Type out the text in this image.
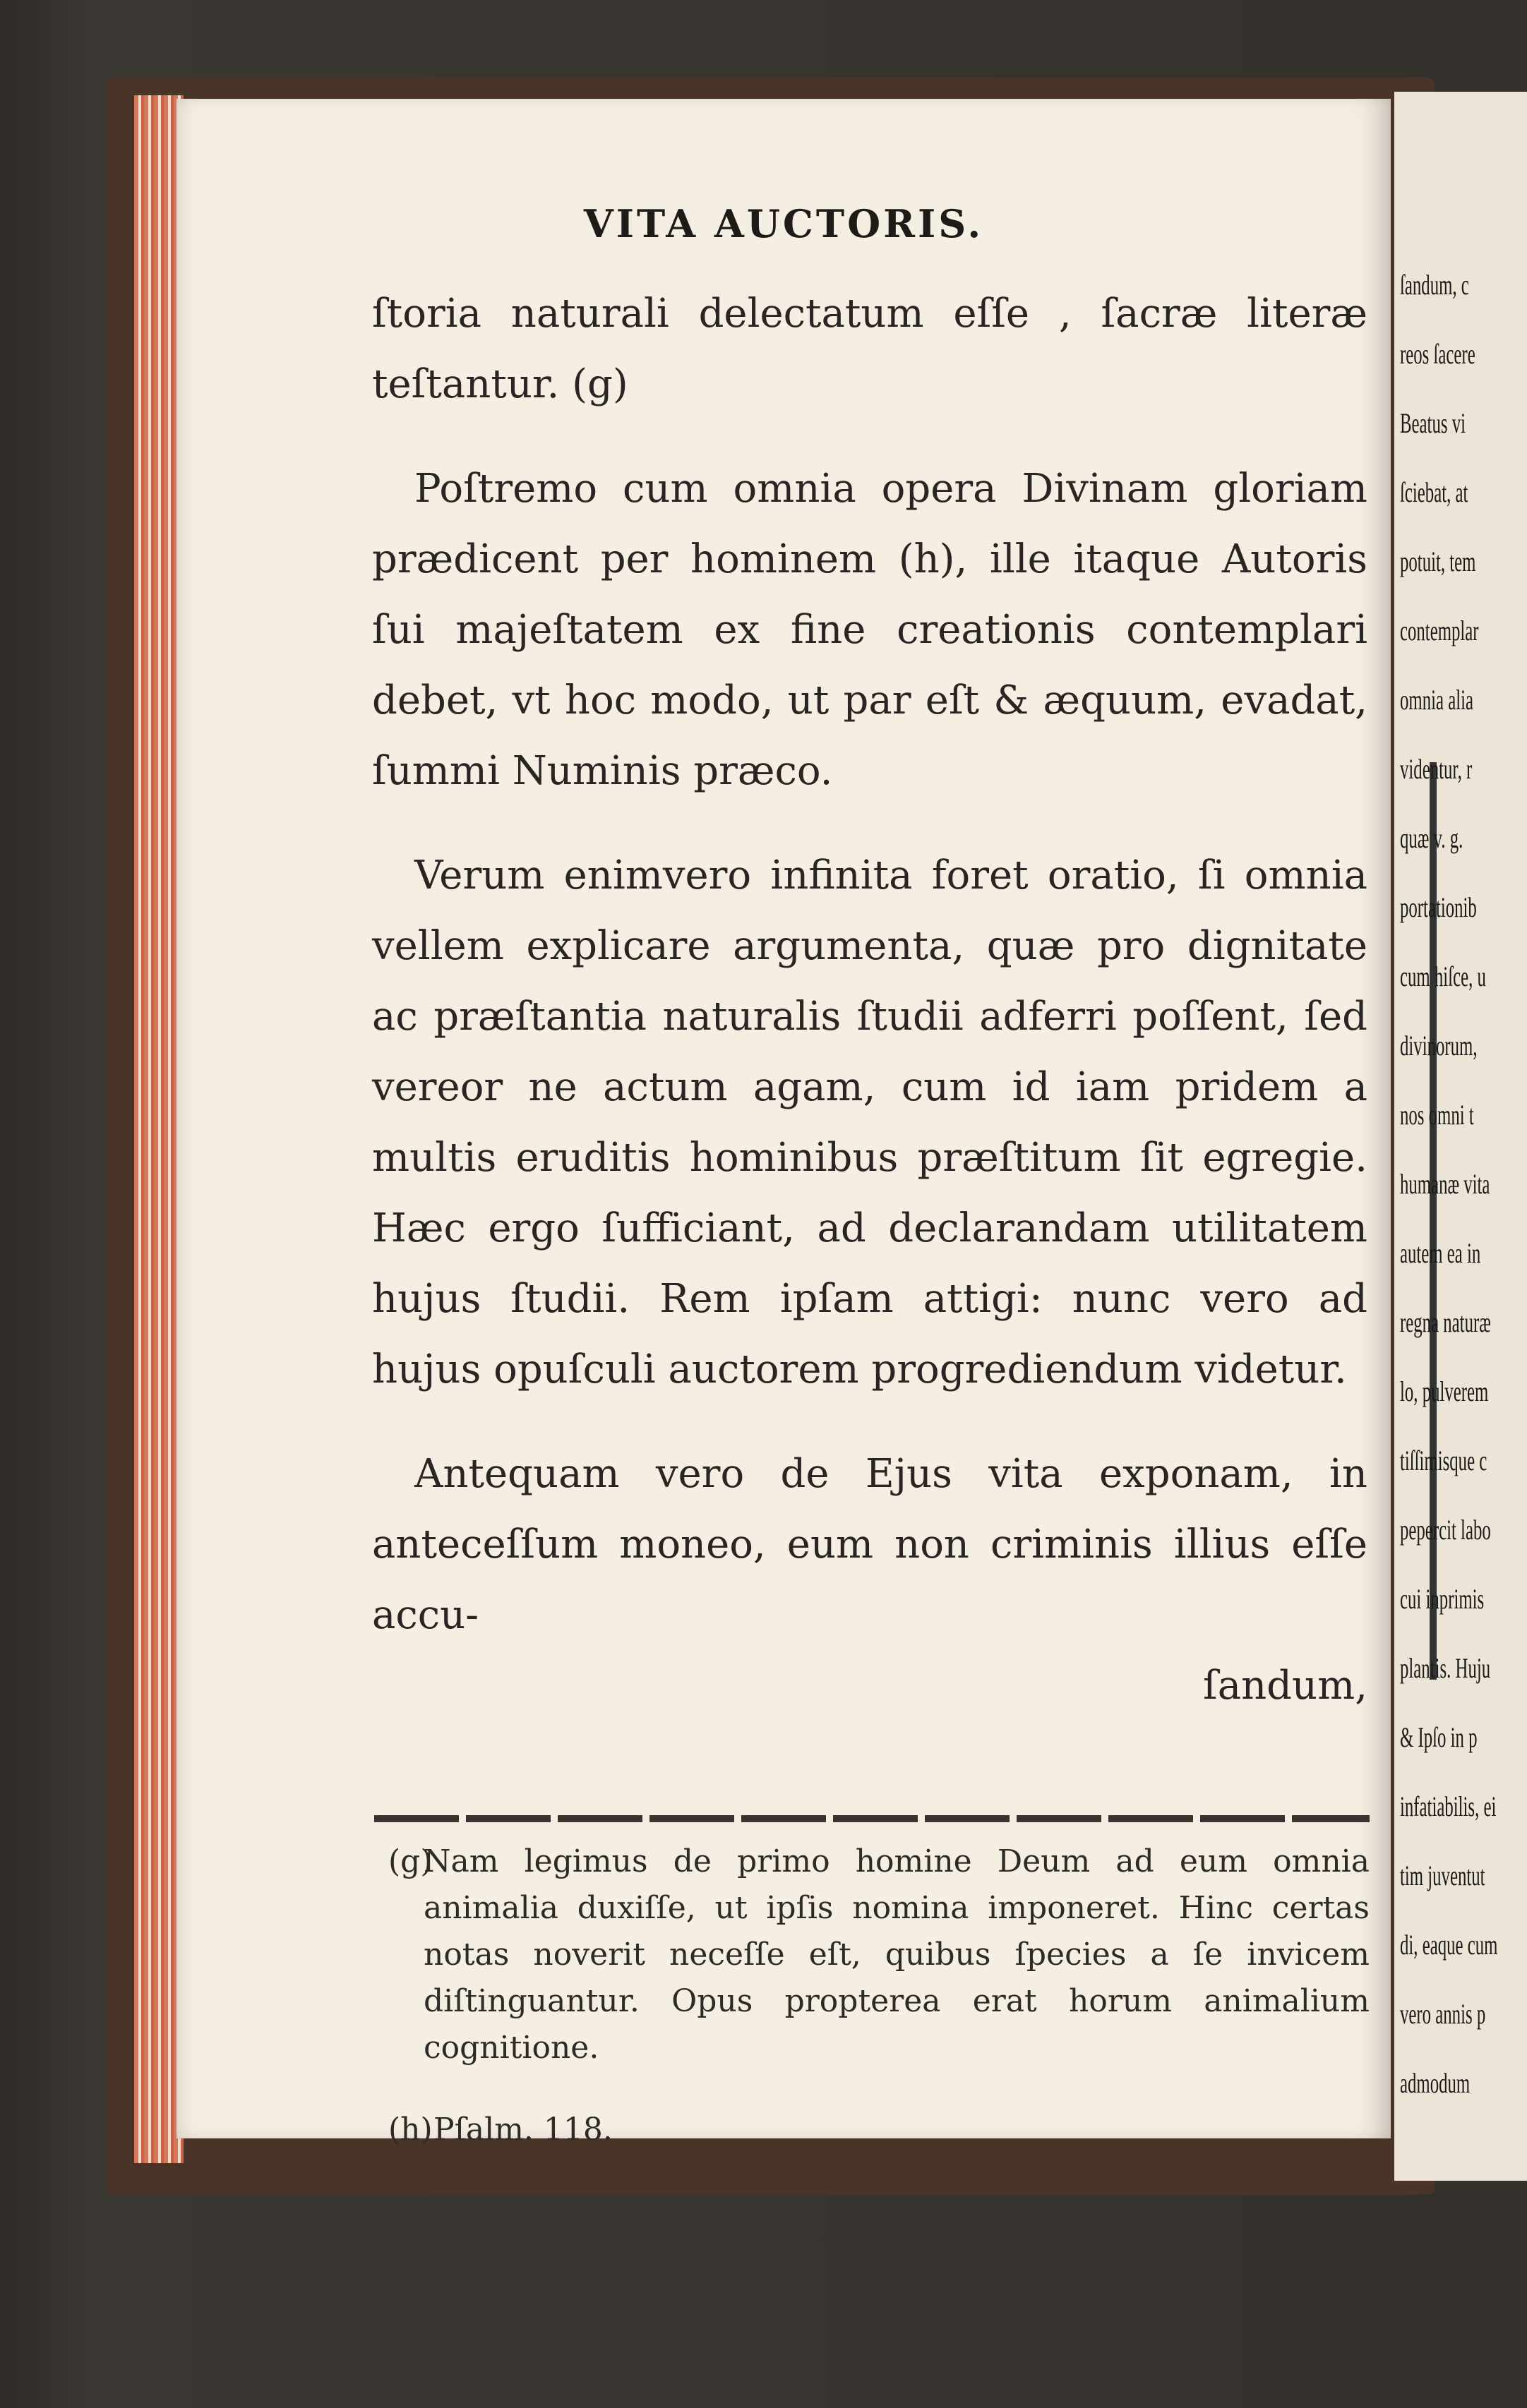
VITA AUCTORIS.

ſtoria naturali delectatum eſſe , ſacræ literæ teſtantur. (g)

Poſtremo cum omnia opera Divinam gloriam prædicent per hominem (h), ille itaque Autoris ſui majeſtatem ex fine creationis contemplari debet, vt hoc modo, ut par eſt & æquum, evadat, ſummi Numinis præco.

Verum enimvero infinita foret oratio, ſi omnia vellem explicare argumenta, quæ pro dignitate ac præſtantia naturalis ſtudii adferri poſſent, ſed vereor ne actum agam, cum id iam pridem a multis eruditis hominibus præſtitum ſit egregie. Hæc ergo ſufficiant, ad declarandam utilitatem hujus ſtudii. Rem ipſam attigi: nunc vero ad hujus opuſculi auctorem progrediendum videtur.

Antequam vero de Ejus vita exponam, in anteceſſum moneo, eum non criminis illius eſſe accu-

ſandum,

(g)
Nam legimus de primo homine Deum ad eum omnia animalia duxiſſe, ut ipſis nomina imponeret. Hinc certas notas noverit neceſſe eſt, quibus ſpecies a ſe invicem diſtinguantur. Opus propterea erat horum animalium cognitione.

(h) Pſalm. 118.

ſandum, c
reos ſacere
Beatus vi
ſciebat, at
potuit, tem
contemplar
omnia alia
videntur, r
quæ v. g.
portationib
cum hiſce, u
divinorum,
nos omni t
humanæ vita
autem ea in
regna naturæ
lo, pulverem
tiſſimisque c
pepercit labo
cui inprimis
plantis. Huju
& Ipſo in p
infatiabilis, ei
tim juventut
di, eaque cum
vero annis p
admodum
